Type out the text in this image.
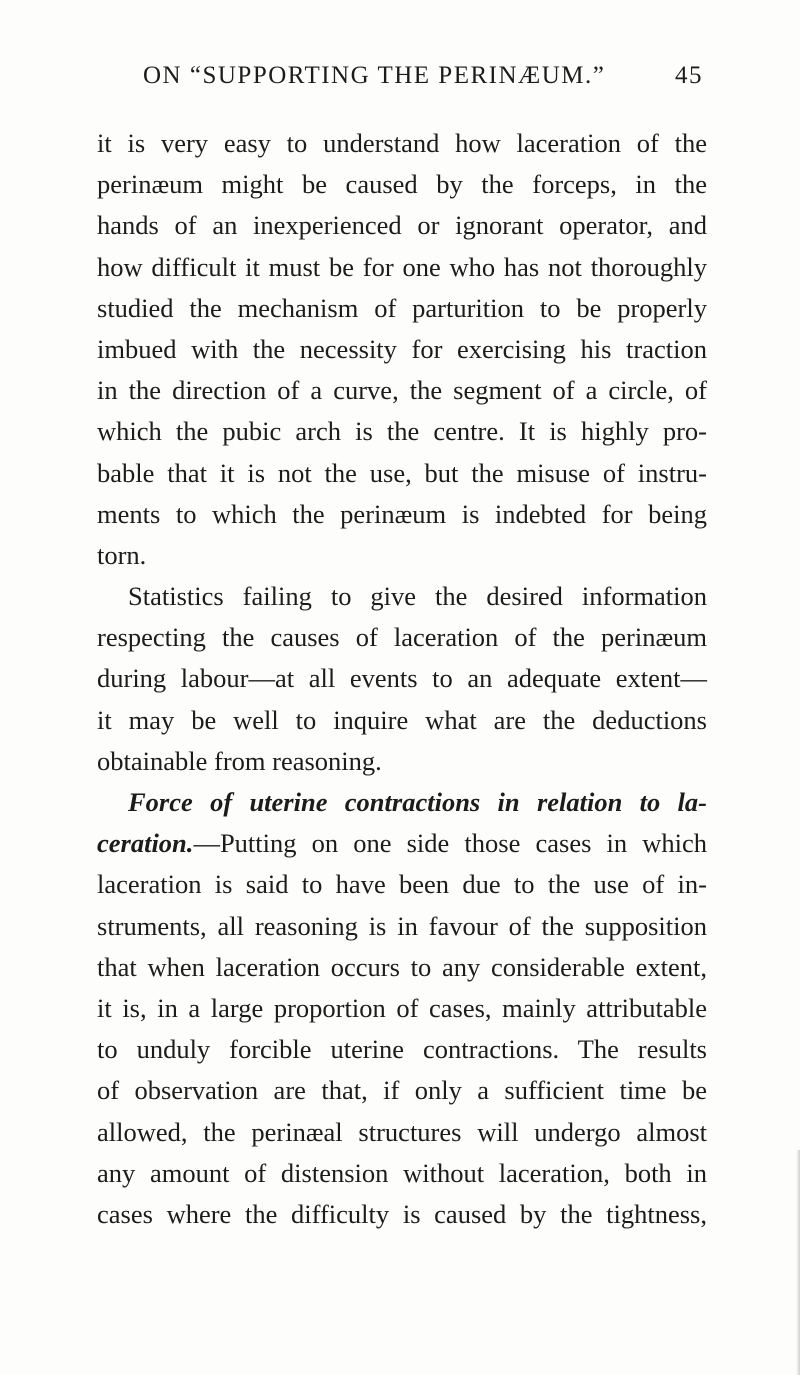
ON “SUPPORTING THE PERINÆUM.”	45
it is very easy to understand how laceration of the
perinæum might be caused by the forceps, in the
hands of an inexperienced or ignorant operator, and
how difficult it must be for one who has not thoroughly
studied the mechanism of parturition to be properly
imbued with the necessity for exercising his traction
in the direction of a curve, the segment of a circle, of
which the pubic arch is the centre. It is highly pro-
bable that it is not the use, but the misuse of instru-
ments to which the perinæum is indebted for being
torn.
Statistics failing to give the desired information
respecting the causes of laceration of the perinæum
during labour—at all events to an adequate extent—
it may be well to inquire what are the deductions
obtainable from reasoning.
Force of uterine contractions in relation to la-
ceration.—Putting on one side those cases in which
laceration is said to have been due to the use of in-
struments, all reasoning is in favour of the supposition
that when laceration occurs to any considerable extent,
it is, in a large proportion of cases, mainly attributable
to unduly forcible uterine contractions. The results
of observation are that, if only a sufficient time be
allowed, the perinæal structures will undergo almost
any amount of distension without laceration, both in
cases where the difficulty is caused by the tightness,
